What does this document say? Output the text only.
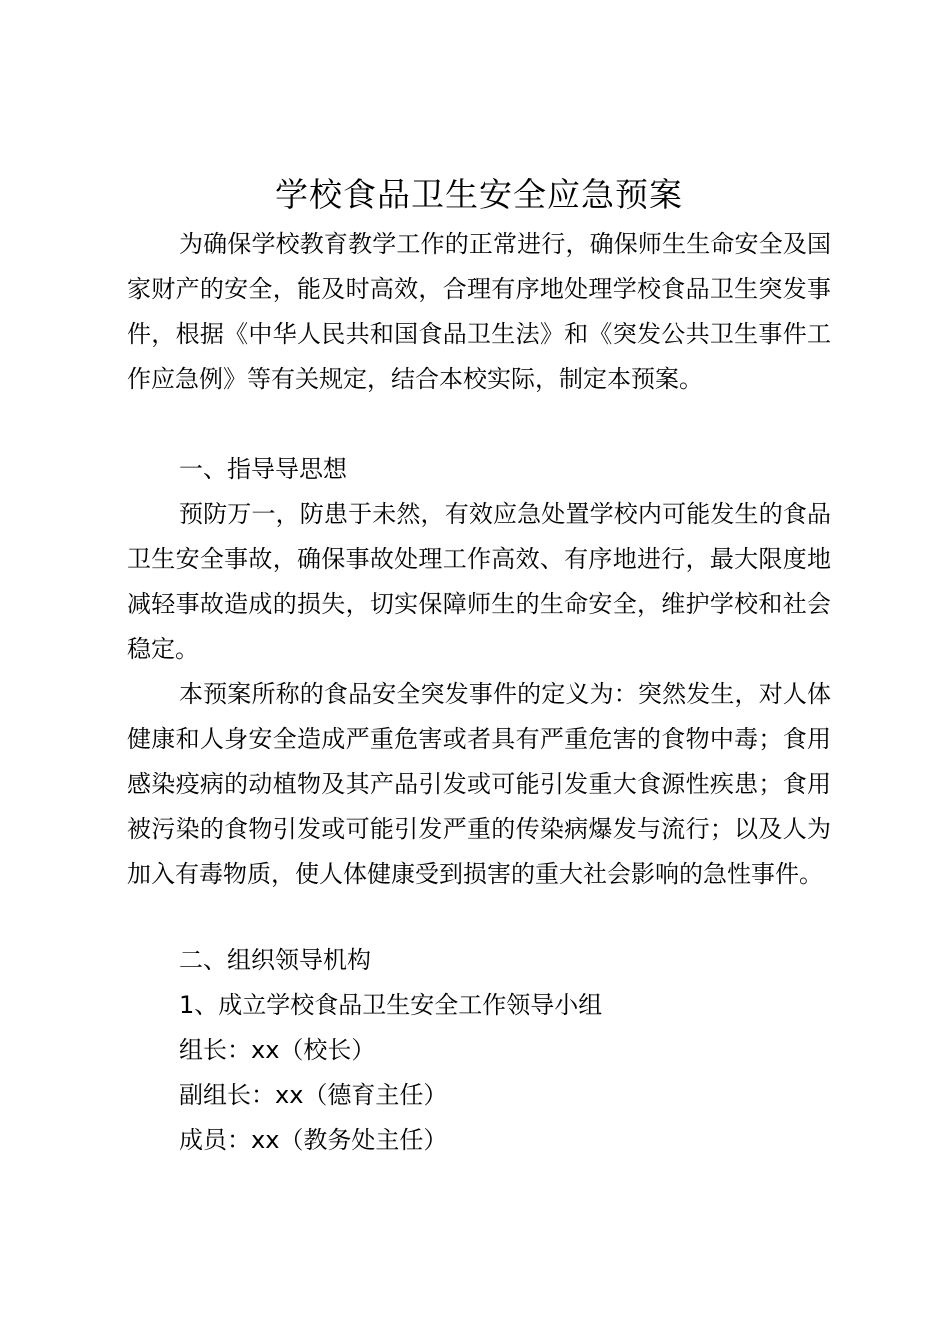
学校食品卫生安全应急预案
为确保学校教育教学工作的正常进行，确保师生生命安全及国家财产的安全，能及时高效，合理有序地处理学校食品卫生突发事件，根据《中华人民共和国食品卫生法》和《突发公共卫生事件工作应急例》等有关规定，结合本校实际，制定本预案。
一、指导导思想
预防万一，防患于未然，有效应急处置学校内可能发生的食品卫生安全事故，确保事故处理工作高效、有序地进行，最大限度地减轻事故造成的损失，切实保障师生的生命安全，维护学校和社会稳定。
本预案所称的食品安全突发事件的定义为：突然发生，对人体健康和人身安全造成严重危害或者具有严重危害的食物中毒；食用感染疫病的动植物及其产品引发或可能引发重大食源性疾患；食用被污染的食物引发或可能引发严重的传染病爆发与流行；以及人为加入有毒物质，使人体健康受到损害的重大社会影响的急性事件。
二、组织领导机构
1、成立学校食品卫生安全工作领导小组
组长：xx（校长）
副组长：xx（德育主任）
成员：xx（教务处主任）
